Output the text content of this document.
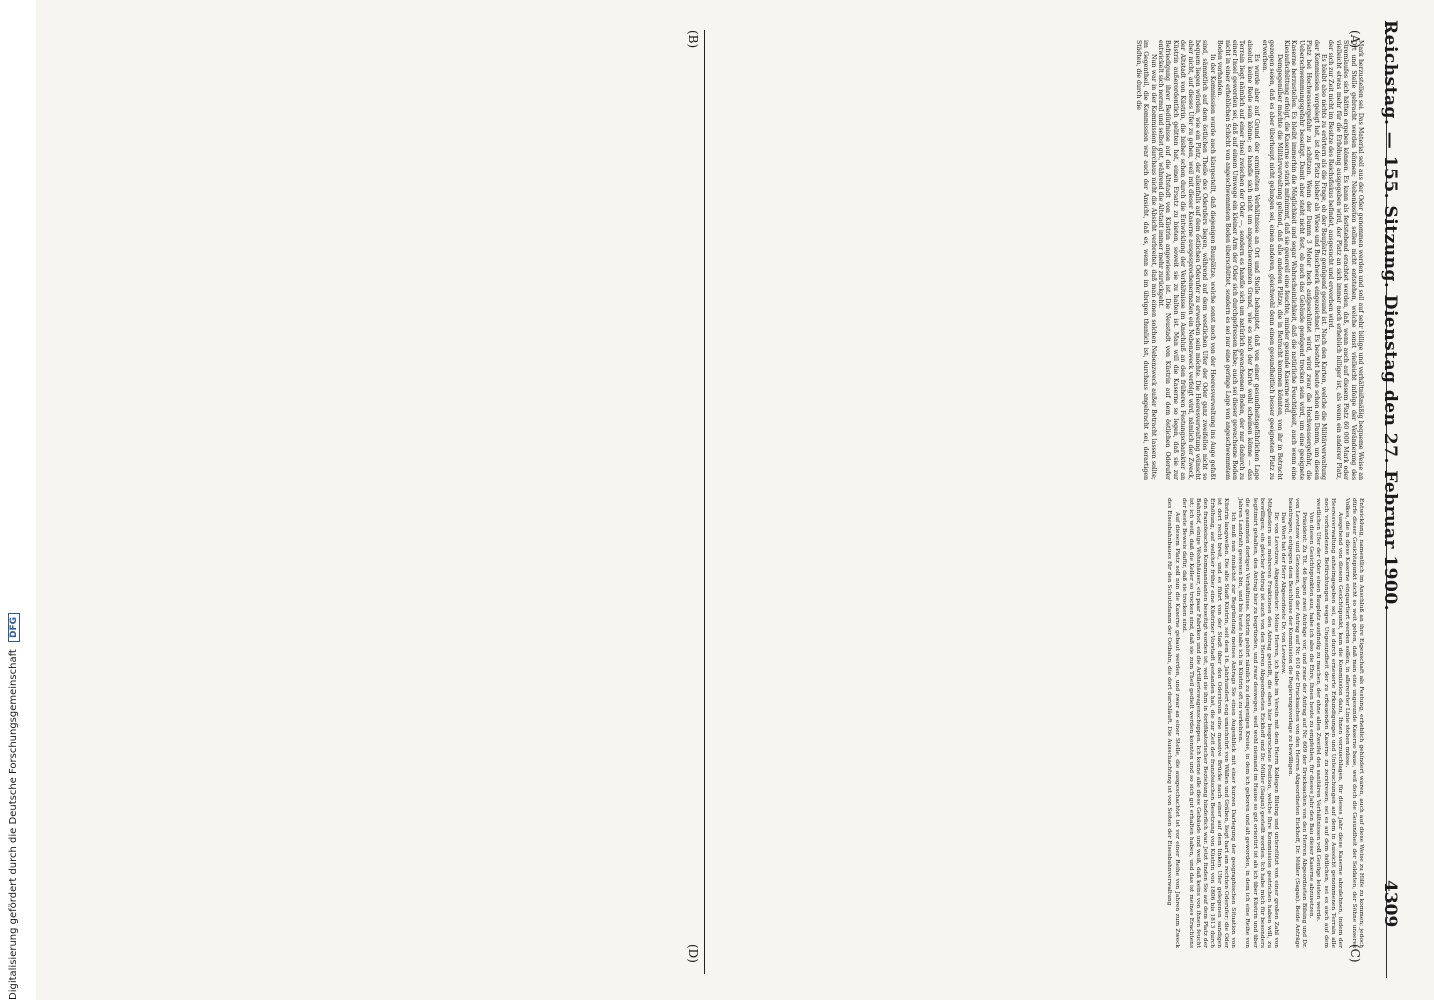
Reichstag. — 155. Sitzung. Dienstag den 27. Februar 1900.
4309
(A)
(B)
(C)
(D)

Mark herzustellen sei. Das Material soll aus der Oder genommen werden und soll auf sehr billige und verhältnißmäßig bequeme Weise an Ort und Stelle gebracht werden können; Nebenkosten sollen nicht entstehen, welche sonst vielleicht infolge der Veränderung des Stromlaufes sich hätten ergeben können. Es kann als feststehend erachtet werden, daß, wenn auch auf diesem Platz 60 000 Mark oder vielleicht etwas mehr für die Erhöhung ausgegeben wird, der Platz an sich immer noch erheblich billiger ist, als wenn ein anderer Platz, der sich zur Zeit nicht im Besitze des Reichsfiskus befindet, ausgesucht und erworben wird.

Es bleibt also nichts zu erörtern als die Frage, ob der Bauplatz genügend gesund ist. Nach den Karten, welche die Militärverwaltung der Kommission vorgelegt hat, ist der Platz bisher als Wiese und Buschwerk eingezeichnet. Es besteht heute schon ein Damm, um diesen Platz bei Hochwassergefahr zu schützen. Wenn der Damm 3 Meter hoch aufgeschüttet wird, wird zwar die Hochwassergefahr, die Ueberschwemmungsgefahr beseitigt. Damit aber steht nicht fest, ob auch das Gebäude genügend trocken sein wird, um eine geeignete Kaserne herzustellen. Es bleibt immerhin die Möglichkeit und sogar Wahrscheinlichkeit, daß die natürliche Feuchtigkeit, auch wenn eine Kiesaufschüttung erfolgt, die Kaserne so stark mitnimmt, daß sie generell eine feuchte, minder gesunde Kaserne wird.

Demgegenüber machte die Militärverwaltung geltend, daß alle anderen Plätze, die in Betracht kommen könnten, von ihr in Betracht gezogen seien, daß es aber überhaupt nicht gelungen sei, einen anderen, gleichwohl denn einen gesundheitlich besser geeigneten Platz zu erwerben.

Es wurde aber auf Grund der ermittelten Verhältnisse an Ort und Stelle behauptet, daß von einer gesundheitsgefährlichen Lage absolut keine Rede sein könne; es handle sich nicht um angeschwemmten Grund, wie es nach der Karte wohl scheinen könne — das Terrain liegt nämlich auf einer Insel zwischen der Oder —, sondern es handle sich um natürlich gewachsenen Boden, der nur dadurch zu einer Insel geworden sei, daß auf einem Umwege ein kleiner Arm der Oder sich durchgefressen habe; auch sei dieser gewachsene Boden nicht in einer erheblichen Schicht von angeschwemmtem Boden überschüttet, sondern es sei nur eine geringe Lage von angeschwemmtem Boden vorhanden.

In der Kommission wurde auch klargestellt, daß diejenigen Bauplätze, welche sonst noch von der Heeresverwaltung ins Auge gefaßt sind, sämmtlich auf dem östlichen Theile des Oderufers liegen, während auf dem westlichen Ufer der Oder ganz zweifellos nicht so bequem liegen würden, wie ein Platz, der allenfalls auf dem östlichen Oderufer zu erwerben sein möchte. Die Heeresverwaltung wünscht aber nicht, auf dieses Ufer zu gehen, weil mit dieser Kaserne ausgesprochenermaßen ein Nebenzweck verfolgt wird, nämlich der Zweck, der Altstadt von Küstrin, die bisher schon durch die Entwicklung der Verhältnisse im Anschluß an den früheren Festungscharakter an Küstrin außerordentlich gelitten hat, einen Ersatz zu bieten, soweit sie zu halten ist. Man will die Kaserne so legen, daß sie zur Befriedigung ihrer Bedürfnisse auf die Altstadt von Küstrin angewiesen ist. Die Neustadt von Küstrin auf dem östlichen Oderufer entwickelt sich normal und selbst gut, während die Altstadt immer mehr zurückgeht.

Nun war in der Kommission durchaus nicht die Absicht verbreitet, daß man einen solchen Nebenzweck außer Betracht lassen sollte; im Gegentheil, die Kommission war auch der Ansicht, daß es, wenn es im übrigen thunlich ist, durchaus angebracht sei, derartigen Städten, die durch die

Entwicklung, namentlich im Anschluß an ihre Eigenschaft als Festung, erheblich gehindert waren, auch auf diese Weise zu Hilfe zu kommen; jedoch dürfe dieser Gesichtspunkt nicht so weit gehen, daß man eine ungesunde Kaserne baue, weil doch die Gesundheit der Soldaten, der Söhne unseres Volkes, die in diese Kaserne einquartiert werden sollen, in allererster Linie stehen müsse.

Ausgehend von diesem Gesichtspunkt, kam die Kommission dazu, Ihnen vorzuschlagen, für dieses Jahr diese Kaserne abzulehnen, indem der Heeresverwaltung anheimgegeben sei, es sei durch erneuerte Erkundigungen und Untersuchungen auf dem in Aussicht genommenen Terrain alle noch vorhandenen Befürchtungen wegen Ungesundheit der zu erbauenden Kaserne zu zerstreuen, sei es auf dem östlichen, sei es auch auf dem westlichen Ufer der Oder einen Bauplatz ausfindig zu machen, der ohne allen Zweifel den sanitären Verhältnissen voll Genüge leisten werde.

Von diesen Gesichtspunkten aus, habe ich also die Ehre, Ihnen heute zu empfehlen, für dieses Jahr den Bau dieser Kaserne abzusetzen.

Präsident: Zu Tit. 46 liegen zwei Anträge vor, und zwar der Antrag auf Nr. 609 der Drucksachen von den Herren Abgeordneten Bilsing und Dr. von Levetzow und Genossen, und der Antrag auf Nr. 610 der Drucksachen von den Herren Abgeordneten Eickhoff, Dr. Müller (Sagan). Beide Anträge beantragen, entgegen dem Beschlusse der Kommission die Regierungsvorlage zu bewilligen.

Das Wort hat der Herr Abgeordnete Dr. von Levetzow.

Dr. von Levetzow, Abgeordneter: Meine Herren, ich habe im Verein mit dem Herrn Kollegen Bilsing und unterstützt von einer großen Zahl von Mitgliedern aus mehreren Fraktionen den Antrag gestellt, die eben hier besprochene Position, welche Ihre Kommission gestrichen haben will, zu bewilligen; ein gleicher Antrag ist auch von den Herren Abgeordneten Eickhoff und Dr. Müller (Sagan) gestellt worden. Ich habe mich für besonders legitimirt gehalten, den Antrag hier zu begründen, und zwar deswegen, weil wohl niemand im Hause so gut orientirt ist als ich über Küstrin und über die gesammten dortigen Verhältnisse. Küstrin gehört nämlich zu demjenigen Kreise, in dem ich geboren und alt geworden, in dem ich eine Reihe von Jahren Landrath gewesen bin, und bis heute habe ich in Küstrin oft zu verkehren.

Ich muß nun zunächst zur Begründung meines Antrags Sie einen Augenblick mit einer kurzen Darlegung der geographischen Situation von Küstrin langweilen. Die alte Stadt Küstrin, seit dem 16. Jahrhundert eng umschnürt von Wällen und Gräben, liegt hart am rechten Oderufer; die Oder ist dort recht breit, und es führt von der Stadt über den Oderstrom eine massive Brücke nach einer auf dem linken Ufer gelegenen sandigen Erhöhung, auf welcher früher eine Küstriner Vorstadt gestanden hat, die zur Zeit der französischen Besetzung von Küstrin von 1806 bis 1813 durch den französischen Kommandanten beseitigt worden ist, weil sie ihm in fortifikatorischer Beziehung hinderlich war. Jetzt finden Sie auf dem Platz der Bahnhof, einige Wohnhäuser, ein paar Fabriken und die Artilleriewagenschuppen. Ich kenne alle diese Gebäude und weiß, daß keins von ihnen feucht ist; ich weiß, daß die Keller so trocken sind, daß sie zum Theil gedielt werden konnten und so sich gut erhalten haben, und das ist meines Erachtens der beste Beweis dafür, daß sie trocken sind.

Auf diesem Platz soll nun die Kaserne gebaut werden, und zwar an einer Stelle, die ausgeschachtet ist vor einer Reihe von Jahren zum Zweck des Eisenbahnbaues für den Schutzdamm der Ostbahn, die dort durchläuft. Die Ausschachtung ist von Seiten der Eisenbahnverwaltung

Digitalisierung gefördert durch die Deutsche Forschungsgemeinschaft DFG
